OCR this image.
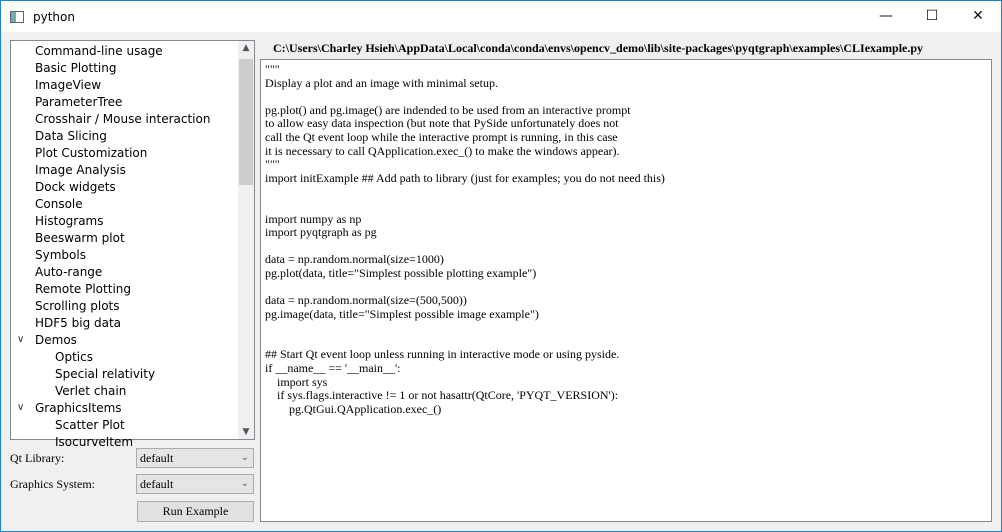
python	—	☐	✕
▲
▼
Command-line usage
Basic Plotting
ImageView
ParameterTree
Crosshair / Mouse interaction
Data Slicing
Plot Customization
Image Analysis
Dock widgets
Console
Histograms
Beeswarm plot
Symbols
Auto-range
Remote Plotting
Scrolling plots
HDF5 big data
Demos
∨
Optics
Special relativity
Verlet chain
GraphicsItems
∨
Scatter Plot
IsocurveItem
Qt Library:	default	⌄
Graphics System:	default	⌄
Run Example
C:\Users\Charley Hsieh\AppData\Local\conda\conda\envs\opencv_demo\lib\site-packages\pyqtgraph\examples\CLIexample.py
"""
Display a plot and an image with minimal setup.

pg.plot() and pg.image() are indended to be used from an interactive prompt
to allow easy data inspection (but note that PySide unfortunately does not
call the Qt event loop while the interactive prompt is running, in this case
it is necessary to call QApplication.exec_() to make the windows appear).
"""
import initExample ## Add path to library (just for examples; you do not need this)

import numpy as np
import pyqtgraph as pg

data = np.random.normal(size=1000)
pg.plot(data, title="Simplest possible plotting example")

data = np.random.normal(size=(500,500))
pg.image(data, title="Simplest possible image example")

## Start Qt event loop unless running in interactive mode or using pyside.
if __name__ == '__main__':
import sys
if sys.flags.interactive != 1 or not hasattr(QtCore, 'PYQT_VERSION'):
pg.QtGui.QApplication.exec_()
